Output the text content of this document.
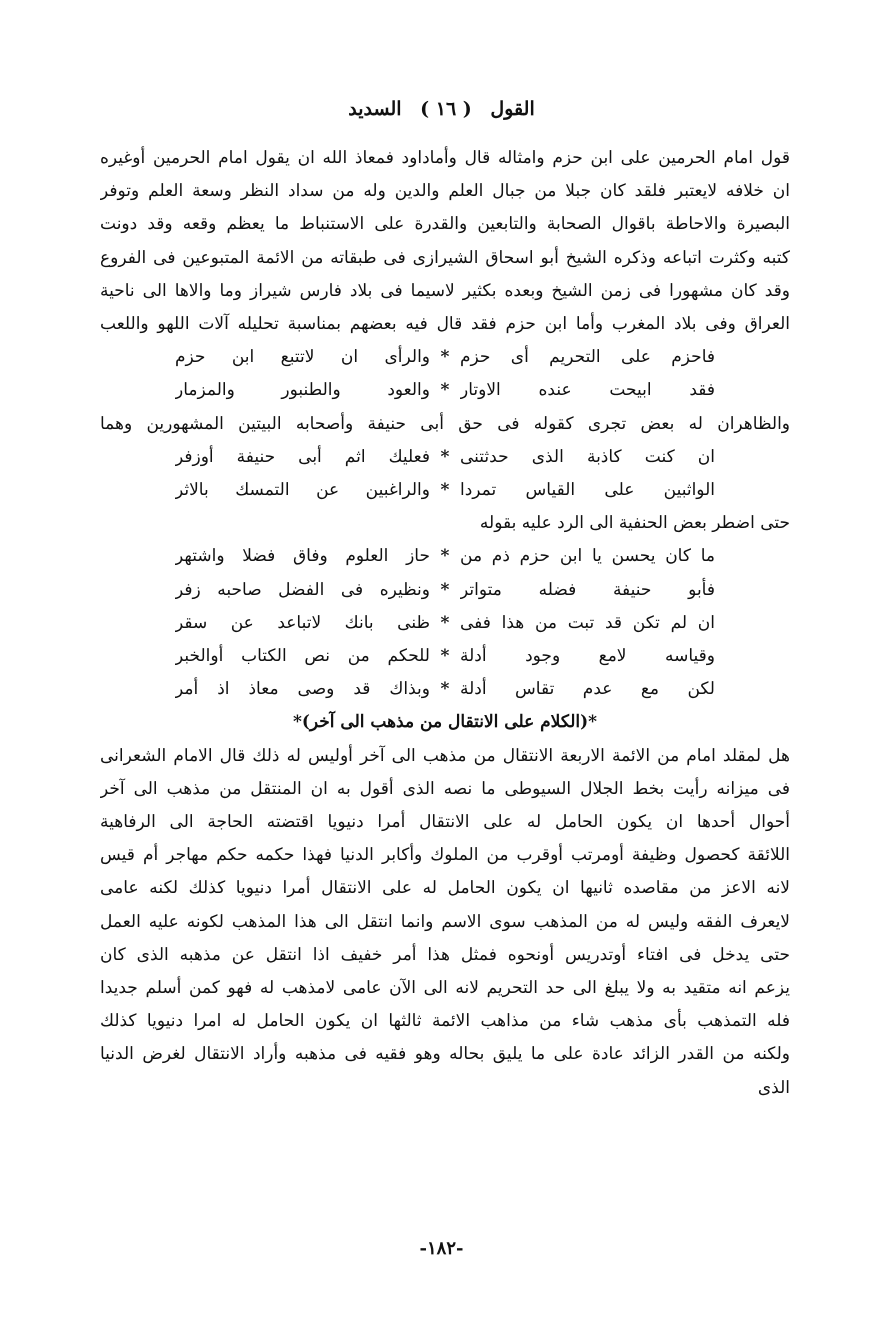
القول ( ١٦ ) السديد
قول امام الحرمين على ابن حزم وامثاله قال وأماداود فمعاذ الله ان يقول امام الحرمين أوغيره
ان خلافه لايعتبر فلقد كان جبلا من جبال العلم والدين وله من سداد النظر وسعة العلم وتوفر
البصيرة والاحاطة باقوال الصحابة والتابعين والقدرة على الاستنباط ما يعظم وقعه وقد دونت
كتبه وكثرت اتباعه وذكره الشيخ أبو اسحاق الشيرازى فى طبقاته من الائمة المتبوعين فى الفروع
وقد كان مشهورا فى زمن الشيخ وبعده بكثير لاسيما فى بلاد فارس شيراز وما والاها الى ناحية
العراق وفى بلاد المغرب وأما ابن حزم فقد قال فيه بعضهم بمناسبة تحليله آلات اللهو واللعب
فاحزم على التحريم أى حزم
*
والرأى ان لاتتبع ابن حزم
فقد ابيحت عنده الاوتار
*
والعود والطنبور والمزمار
والظاهران له بعض تجرى كقوله فى حق أبى حنيفة وأصحابه البيتين المشهورين وهما
ان كنت كاذبة الذى حدثتنى
*
فعليك اثم أبى حنيفة أوزفر
الواثبين على القياس تمردا
*
والراغبين عن التمسك بالاثر
حتى اضطر بعض الحنفية الى الرد عليه بقوله
ما كان يحسن يا ابن حزم ذم من
*
حاز العلوم وفاق فضلا واشتهر
فأبو حنيفة فضله متواتر
*
ونظيره فى الفضل صاحبه زفر
ان لم تكن قد تبت من هذا ففى
*
ظنى بانك لاتباعد عن سقر
وقياسه لامع وجود أدلة
*
للحكم من نص الكتاب أوالخبر
لكن مع عدم تقاس أدلة
*
وبذاك قد وصى معاذ اذ أمر
*(الكلام على الانتقال من مذهب الى آخر)*
هل لمقلد امام من الائمة الاربعة الانتقال من مذهب الى آخر أوليس له ذلك قال الامام الشعرانى
فى ميزانه رأيت بخط الجلال السيوطى ما نصه الذى أقول به ان المنتقل من مذهب الى آخر
أحوال أحدها ان يكون الحامل له على الانتقال أمرا دنيويا اقتضته الحاجة الى الرفاهية
اللائقة كحصول وظيفة أومرتب أوقرب من الملوك وأكابر الدنيا فهذا حكمه حكم مهاجر أم قيس
لانه الاعز من مقاصده ثانيها ان يكون الحامل له على الانتقال أمرا دنيويا كذلك لكنه عامى
لايعرف الفقه وليس له من المذهب سوى الاسم وانما انتقل الى هذا المذهب لكونه عليه العمل
حتى يدخل فى افتاء أوتدريس أونحوه فمثل هذا أمر خفيف اذا انتقل عن مذهبه الذى كان
يزعم انه متقيد به ولا يبلغ الى حد التحريم لانه الى الآن عامى لامذهب له فهو كمن أسلم جديدا
فله التمذهب بأى مذهب شاء من مذاهب الائمة ثالثها ان يكون الحامل له امرا دنيويا كذلك
ولكنه من القدر الزائد عادة على ما يليق بحاله وهو فقيه فى مذهبه وأراد الانتقال لغرض الدنيا
الذى
-١٨٢-
